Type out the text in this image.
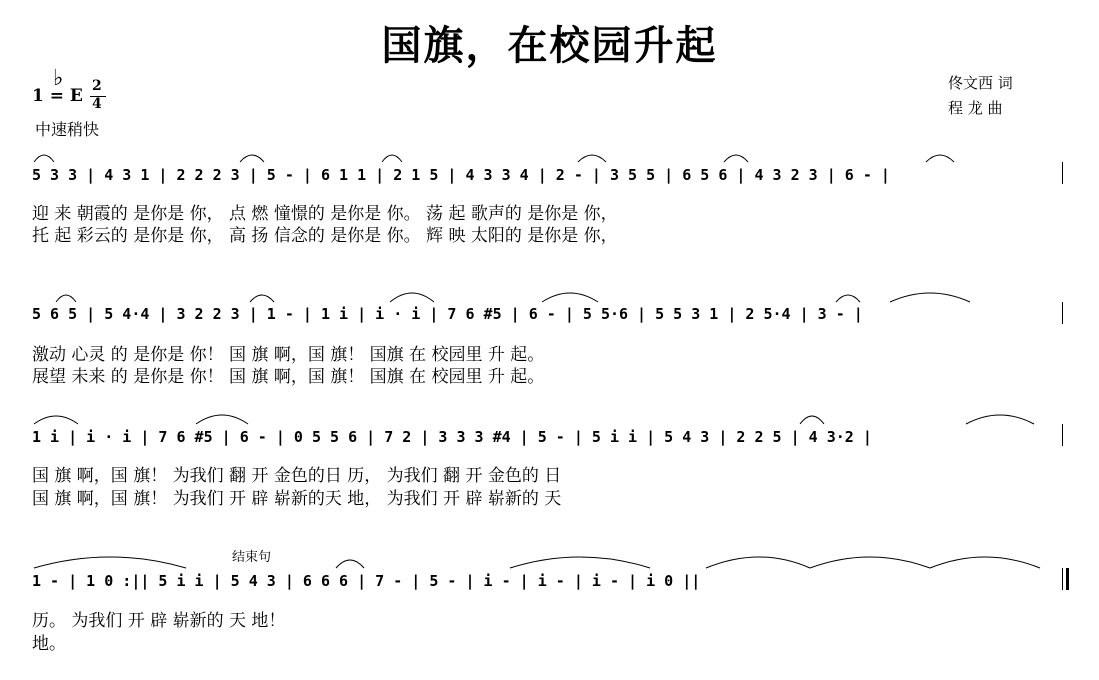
国旗，在校园升起
♭
1 = E 2
4
中速稍快
佟文西 词
程 龙 曲
5 3 3 | 4 3 1 | 2 2 2 3 | 5 - | 6 1 1 | 2 1 5 | 4 3 3 4 | 2 - | 3 5 5 | 6 5 6 | 4 3 2 3 | 6 - |
迎 来 朝霞的 是你是 你， 点 燃 憧憬的 是你是 你。 荡 起 歌声的 是你是 你，
托 起 彩云的 是你是 你， 高 扬 信念的 是你是 你。 辉 映 太阳的 是你是 你，
5 6 5 | 5 4·4 | 3 2 2 3 | 1 - | 1 i | i · i | 7 6 #5 | 6 - | 5 5·6 | 5 5 3 1 | 2 5·4 | 3 - |
激动 心灵 的 是你是 你！ 国 旗 啊，国 旗！ 国旗 在 校园里 升 起。
展望 未来 的 是你是 你！ 国 旗 啊，国 旗！ 国旗 在 校园里 升 起。
1 i | i · i | 7 6 #5 | 6 - | 0 5 5 6 | 7 2 | 3 3 3 #4 | 5 - | 5 i i | 5 4 3 | 2 2 5 | 4 3·2 |
国 旗 啊，国 旗！ 为我们 翻 开 金色的日 历， 为我们 翻 开 金色的 日
国 旗 啊，国 旗！ 为我们 开 辟 崭新的天 地， 为我们 开 辟 崭新的 天
结束句
1 - | 1 0 :|| 5 i i | 5 4 3 | 6 6 6 | 7 - | 5 - | i - | i - | i - | i 0 ||
历。 为我们 开 辟 崭新的 天 地！
地。
